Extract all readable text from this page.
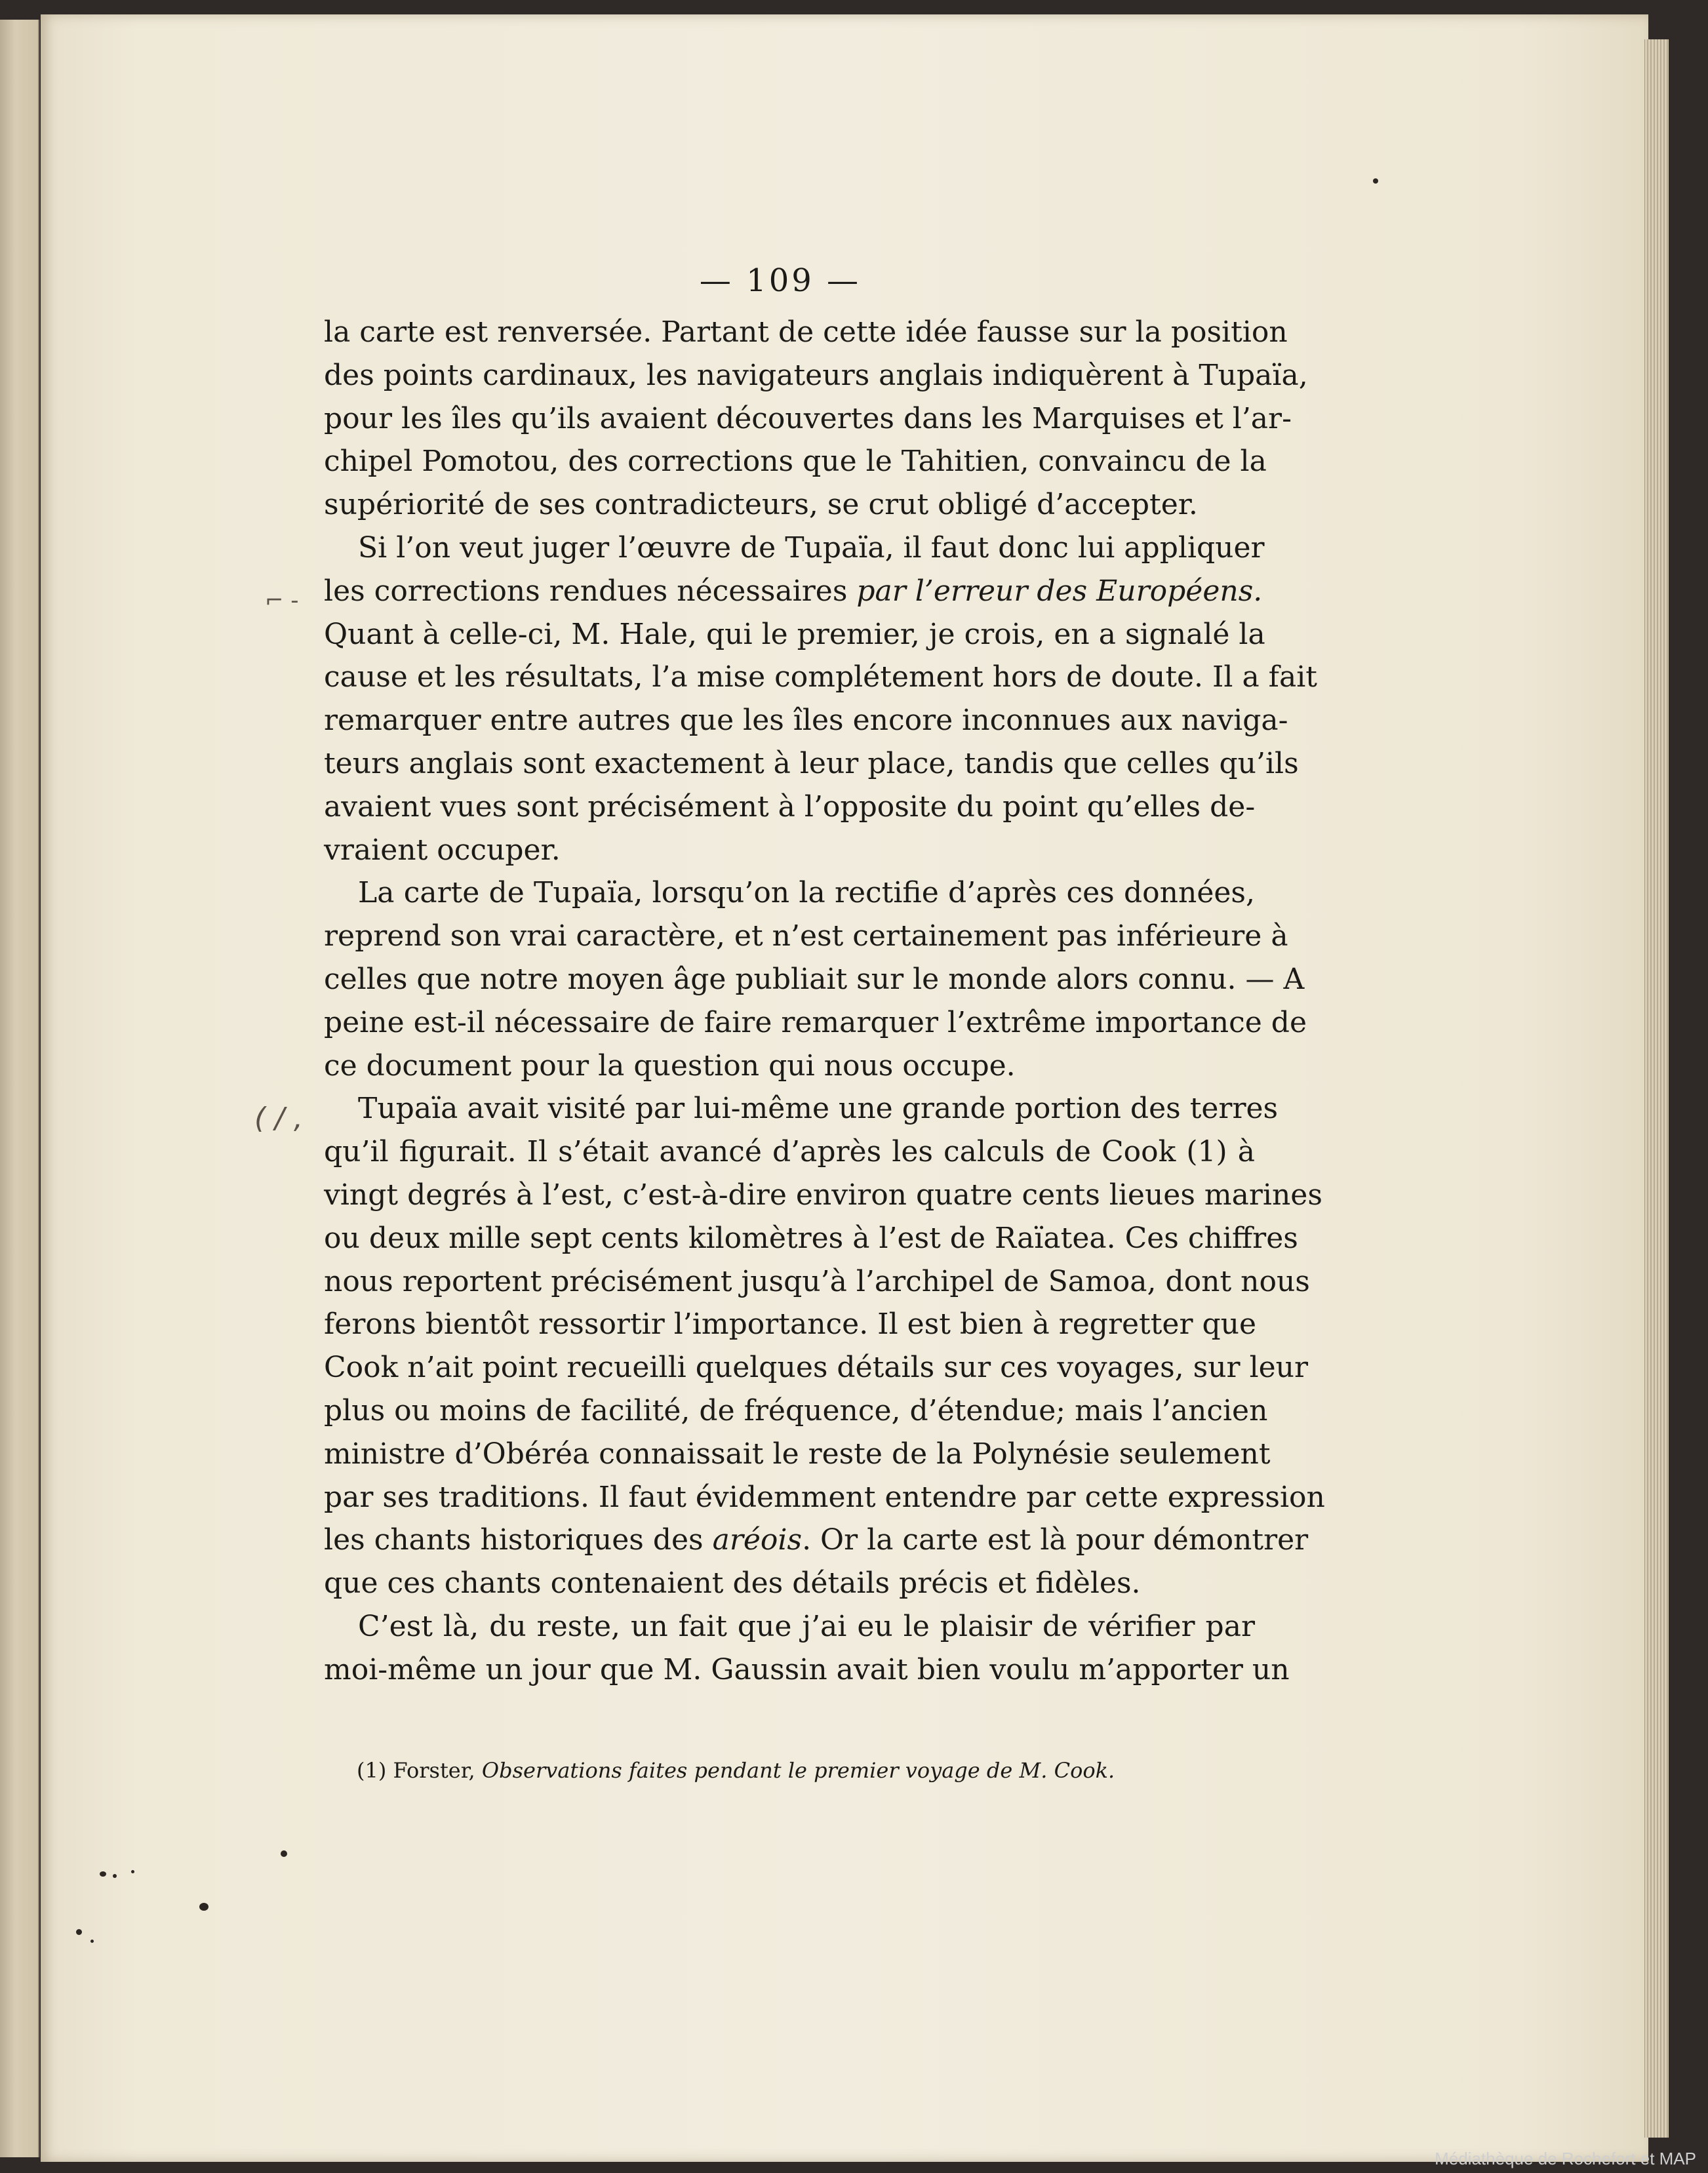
— 109 —
la carte est renversée. Partant de cette idée fausse sur la position
des points cardinaux, les navigateurs anglais indiquèrent à Tupaïa,
pour les îles qu’ils avaient découvertes dans les Marquises et l’ar-
chipel Pomotou, des corrections que le Tahitien, convaincu de la
supériorité de ses contradicteurs, se crut obligé d’accepter.
Si l’on veut juger l’œuvre de Tupaïa, il faut donc lui appliquer
les corrections rendues nécessaires par l’erreur des Européens.
Quant à celle-ci, M. Hale, qui le premier, je crois, en a signalé la
cause et les résultats, l’a mise complétement hors de doute. Il a fait
remarquer entre autres que les îles encore inconnues aux naviga-
teurs anglais sont exactement à leur place, tandis que celles qu’ils
avaient vues sont précisément à l’opposite du point qu’elles de-
vraient occuper.
La carte de Tupaïa, lorsqu’on la rectifie d’après ces données,
reprend son vrai caractère, et n’est certainement pas inférieure à
celles que notre moyen âge publiait sur le monde alors connu. — A
peine est-il nécessaire de faire remarquer l’extrême importance de
ce document pour la question qui nous occupe.
Tupaïa avait visité par lui-même une grande portion des terres
qu’il figurait. Il s’était avancé d’après les calculs de Cook (1) à
vingt degrés à l’est, c’est-à-dire environ quatre cents lieues marines
ou deux mille sept cents kilomètres à l’est de Raïatea. Ces chiffres
nous reportent précisément jusqu’à l’archipel de Samoa, dont nous
ferons bientôt ressortir l’importance. Il est bien à regretter que
Cook n’ait point recueilli quelques détails sur ces voyages, sur leur
plus ou moins de facilité, de fréquence, d’étendue; mais l’ancien
ministre d’Obéréa connaissait le reste de la Polynésie seulement
par ses traditions. Il faut évidemment entendre par cette expression
les chants historiques des aréois. Or la carte est là pour démontrer
que ces chants contenaient des détails précis et fidèles.
C’est là, du reste, un fait que j’ai eu le plaisir de vérifier par
moi-même un jour que M. Gaussin avait bien voulu m’apporter un
(1) Forster, Observations faites pendant le premier voyage de M. Cook.
⌐ -
( / ,
Médiathèque de Rochefort et MAP
